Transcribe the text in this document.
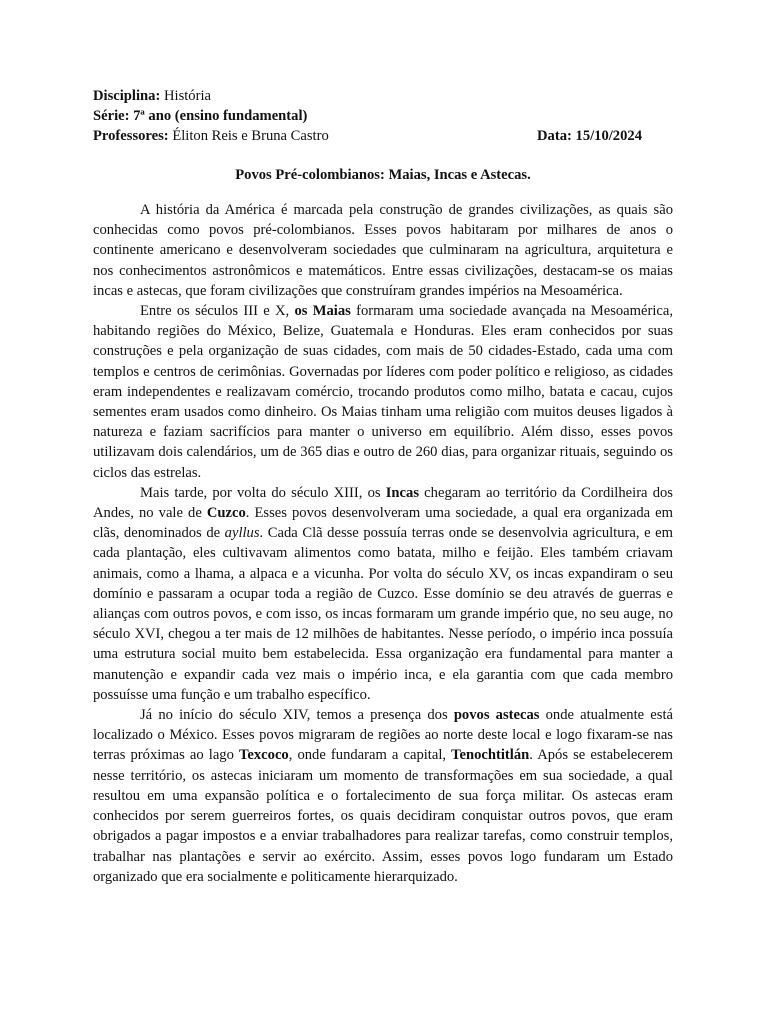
Disciplina: História
Série: 7ª ano (ensino fundamental)
Professores: Éliton Reis e Bruna Castro	Data: 15/10/2024
Povos Pré-colombianos: Maias, Incas e Astecas.

A história da América é marcada pela construção de grandes civilizações, as quais são conhecidas como povos pré-colombianos. Esses povos habitaram por milhares de anos o continente americano e desenvolveram sociedades que culminaram na agricultura, arquitetura e nos conhecimentos astronômicos e matemáticos. Entre essas civilizações, destacam-se os maias incas e astecas, que foram civilizações que construíram grandes impérios na Mesoamérica.

Entre os séculos III e X, os Maias formaram uma sociedade avançada na Mesoamérica, habitando regiões do México, Belize, Guatemala e Honduras. Eles eram conhecidos por suas construções e pela organização de suas cidades, com mais de 50 cidades-Estado, cada uma com templos e centros de cerimônias. Governadas por líderes com poder político e religioso, as cidades eram independentes e realizavam comércio, trocando produtos como milho, batata e cacau, cujos sementes eram usados como dinheiro. Os Maias tinham uma religião com muitos deuses ligados à natureza e faziam sacrifícios para manter o universo em equilíbrio. Além disso, esses povos utilizavam dois calendários, um de 365 dias e outro de 260 dias, para organizar rituais, seguindo os ciclos das estrelas.

Mais tarde, por volta do século XIII, os Incas chegaram ao território da Cordilheira dos Andes, no vale de Cuzco. Esses povos desenvolveram uma sociedade, a qual era organizada em clãs, denominados de ayllus. Cada Clã desse possuía terras onde se desenvolvia agricultura, e em cada plantação, eles cultivavam alimentos como batata, milho e feijão. Eles também criavam animais, como a lhama, a alpaca e a vicunha. Por volta do século XV, os incas expandiram o seu domínio e passaram a ocupar toda a região de Cuzco. Esse domínio se deu através de guerras e alianças com outros povos, e com isso, os incas formaram um grande império que, no seu auge, no século XVI, chegou a ter mais de 12 milhões de habitantes. Nesse período, o império inca possuía uma estrutura social muito bem estabelecida. Essa organização era fundamental para manter a manutenção e expandir cada vez mais o império inca, e ela garantia com que cada membro possuísse uma função e um trabalho específico.

Já no início do século XIV, temos a presença dos povos astecas onde atualmente está localizado o México. Esses povos migraram de regiões ao norte deste local e logo fixaram-se nas terras próximas ao lago Texcoco, onde fundaram a capital, Tenochtitlán. Após se estabelecerem nesse território, os astecas iniciaram um momento de transformações em sua sociedade, a qual resultou em uma expansão política e o fortalecimento de sua força militar. Os astecas eram conhecidos por serem guerreiros fortes, os quais decidiram conquistar outros povos, que eram obrigados a pagar impostos e a enviar trabalhadores para realizar tarefas, como construir templos, trabalhar nas plantações e servir ao exército. Assim, esses povos logo fundaram um Estado organizado que era socialmente e politicamente hierarquizado.
